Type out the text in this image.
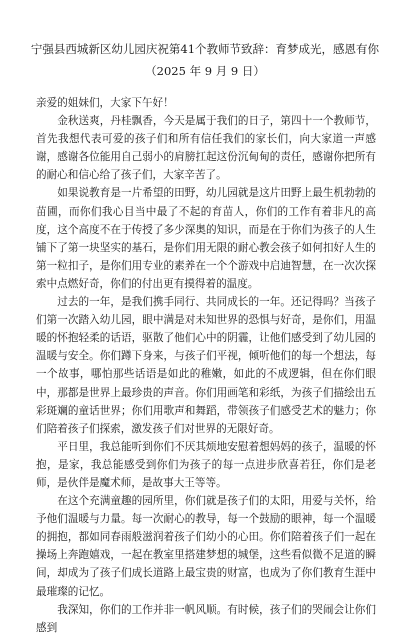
宁强县西城新区幼儿园庆祝第41个教师节致辞：育梦成光，感恩有你
（2025 年 9 月 9 日）

亲爱的姐妹们，大家下午好！

金秋送爽，丹桂飘香，今天是属于我们的日子，第四十一个教师节，首先我想代表可爱的孩子们和所有信任我们的家长们，向大家道一声感谢，感谢各位能用自己弱小的肩膀扛起这份沉甸甸的责任，感谢你把所有的耐心和信心给了孩子们，大家辛苦了。

如果说教育是一片希望的田野，幼儿园就是这片田野上最生机勃勃的苗圃，而你们我心目当中最了不起的育苗人，你们的工作有着非凡的高度，这个高度不在于传授了多少深奥的知识，而是在于你们为孩子的人生铺下了第一块坚实的基石，是你们用无限的耐心教会孩子如何扣好人生的第一粒扣子，是你们用专业的素养在一个个游戏中启迪智慧，在一次次探索中点燃好奇，你们的付出更有摸得着的温度。

过去的一年，是我们携手同行、共同成长的一年。还记得吗？当孩子们第一次踏入幼儿园，眼中满是对未知世界的恐惧与好奇，是你们，用温暖的怀抱轻柔的话语，驱散了他们心中的阴霾，让他们感受到了幼儿园的温暖与安全。你们蹲下身来，与孩子们平视，倾听他们的每一个想法，每一个故事，哪怕那些话语是如此的稚嫩，如此的不成逻辑，但在你们眼中，那都是世界上最珍贵的声音。你们用画笔和彩纸，为孩子们描绘出五彩斑斓的童话世界；你们用歌声和舞蹈，带领孩子们感受艺术的魅力；你们陪着孩子们探索，激发孩子们对世界的无限好奇。

平日里，我总能听到你们不厌其烦地安慰着想妈妈的孩子，温暖的怀抱，是家，我总能感受到你们为孩子的每一点进步欣喜若狂，你们是老师，是伙伴是魔术师，是故事大王等等。

在这个充满童趣的园所里，你们就是孩子们的太阳，用爱与关怀，给予他们温暖与力量。每一次耐心的教导，每一个鼓励的眼神，每一个温暖的拥抱，都如同春雨般滋润着孩子们幼小的心田。你们陪着孩子们一起在操场上奔跑嬉戏，一起在教室里搭建梦想的城堡，这些看似微不足道的瞬间，却成为了孩子们成长道路上最宝贵的财富，也成为了你们教育生涯中最璀璨的记忆。

我深知，你们的工作并非一帆风顺。有时候，孩子们的哭闹会让你们感到
